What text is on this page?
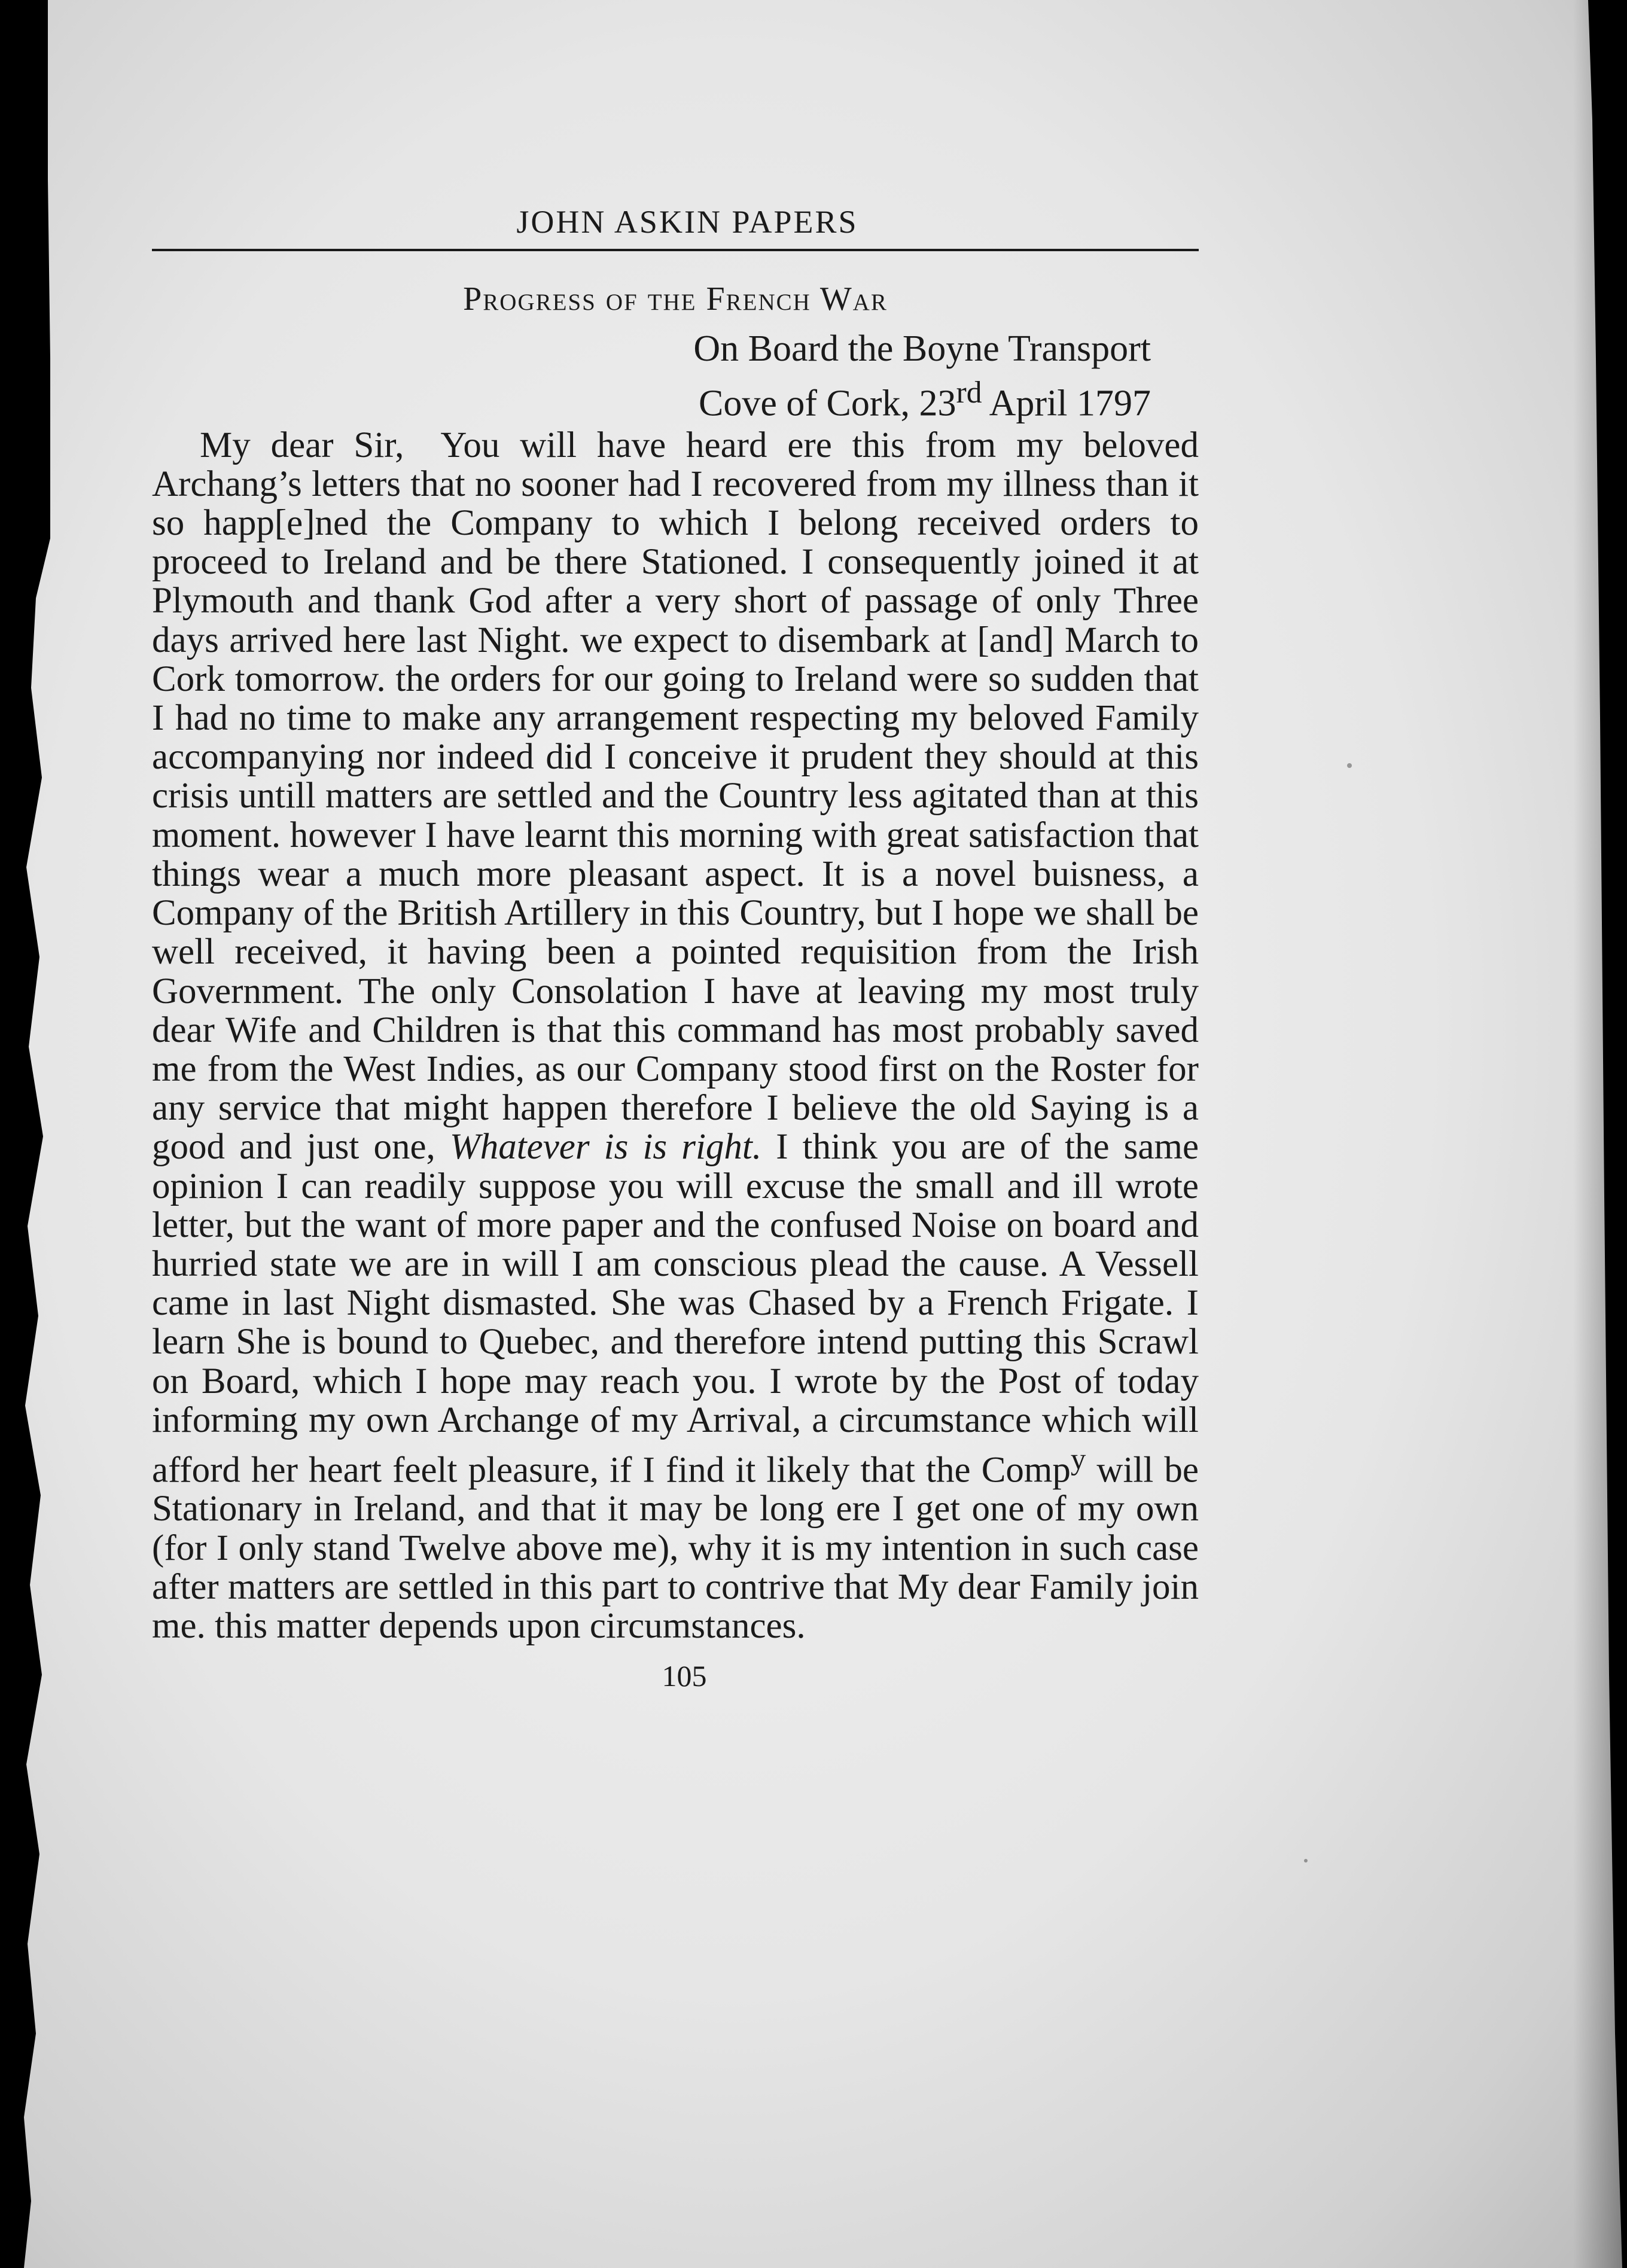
JOHN ASKIN PAPERS
Progress of the French War
On Board the Boyne Transport
Cove of Cork, 23rd April 1797
My dear Sir,  You will have heard ere this from my beloved Archang’s letters that no sooner had I recovered from my illness than it so happ[e]ned the Company to which I belong received orders to proceed to Ireland and be there Stationed. I consequently joined it at Plymouth and thank God after a very short of passage of only Three days arrived here last Night. we expect to disembark at [and] March to Cork tomorrow. the orders for our going to Ireland were so sudden that I had no time to make any arrangement respecting my beloved Family accompanying nor indeed did I conceive it prudent they should at this crisis untill matters are settled and the Country less agitated than at this moment. however I have learnt this morning with great satisfaction that things wear a much more pleasant aspect. It is a novel buisness, a Company of the British Artillery in this Country, but I hope we shall be well received, it having been a pointed requisition from the Irish Government. The only Consolation I have at leaving my most truly dear Wife and Children is that this command has most probably saved me from the West Indies, as our Company stood first on the Roster for any service that might happen therefore I believe the old Saying is a good and just one, Whatever is is right. I think you are of the same opinion I can readily suppose you will excuse the small and ill wrote letter, but the want of more paper and the confused Noise on board and hurried state we are in will I am conscious plead the cause. A Vessell came in last Night dismasted. She was Chased by a French Frigate. I learn She is bound to Quebec, and therefore intend putting this Scrawl on Board, which I hope may reach you. I wrote by the Post of today informing my own Archange of my Arrival, a circumstance which will afford her heart feelt pleasure, if I find it likely that the Comp$^y$ will be Stationary in Ireland, and that it may be long ere I get one of my own (for I only stand Twelve above me), why it is my intention in such case after matters are settled in this part to contrive that My dear Family join me. this matter depends upon circumstances.
105
